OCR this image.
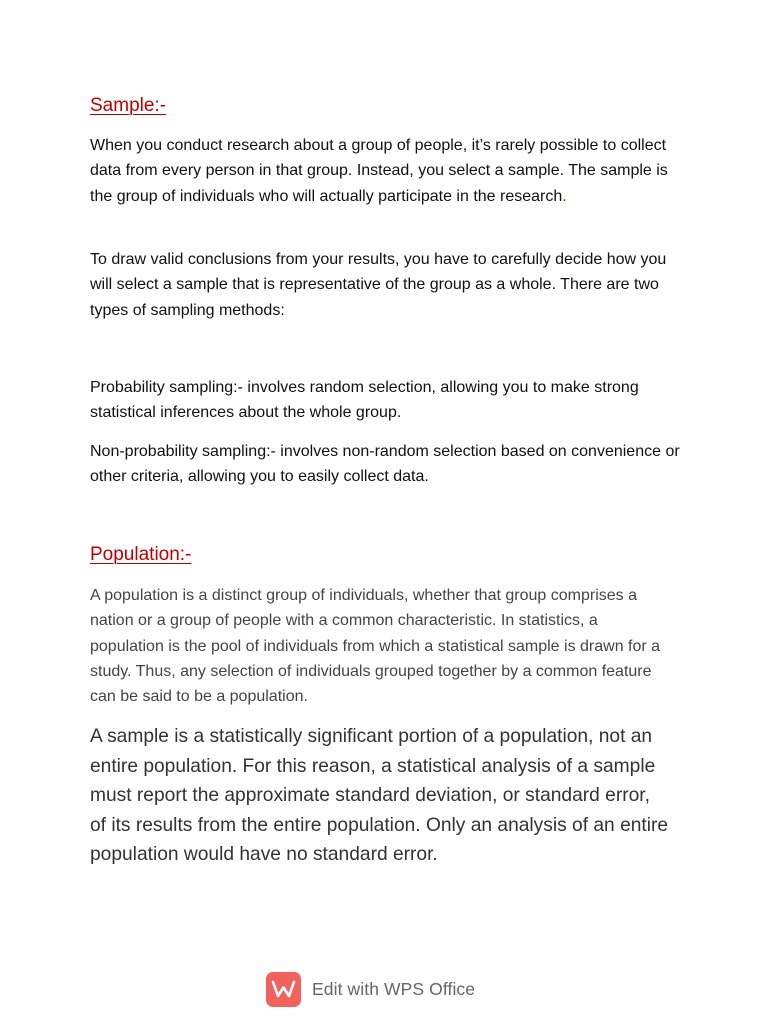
Sample:-

When you conduct research about a group of people, it’s rarely possible to collect data from every person in that group. Instead, you select a sample. The sample is the group of individuals who will actually participate in the research.

To draw valid conclusions from your results, you have to carefully decide how you will select a sample that is representative of the group as a whole. There are two types of sampling methods:

Probability sampling:- involves random selection, allowing you to make strong statistical inferences about the whole group.

Non-probability sampling:- involves non-random selection based on convenience or other criteria, allowing you to easily collect data.

Population:-

A population is a distinct group of individuals, whether that group comprises a nation or a group of people with a common characteristic. In statistics, a population is the pool of individuals from which a statistical sample is drawn for a study. Thus, any selection of individuals grouped together by a common feature can be said to be a population.

A sample is a statistically significant portion of a population, not an entire population. For this reason, a statistical analysis of a sample must report the approximate standard deviation, or standard error, of its results from the entire population. Only an analysis of an entire population would have no standard error.

Edit with WPS Office
